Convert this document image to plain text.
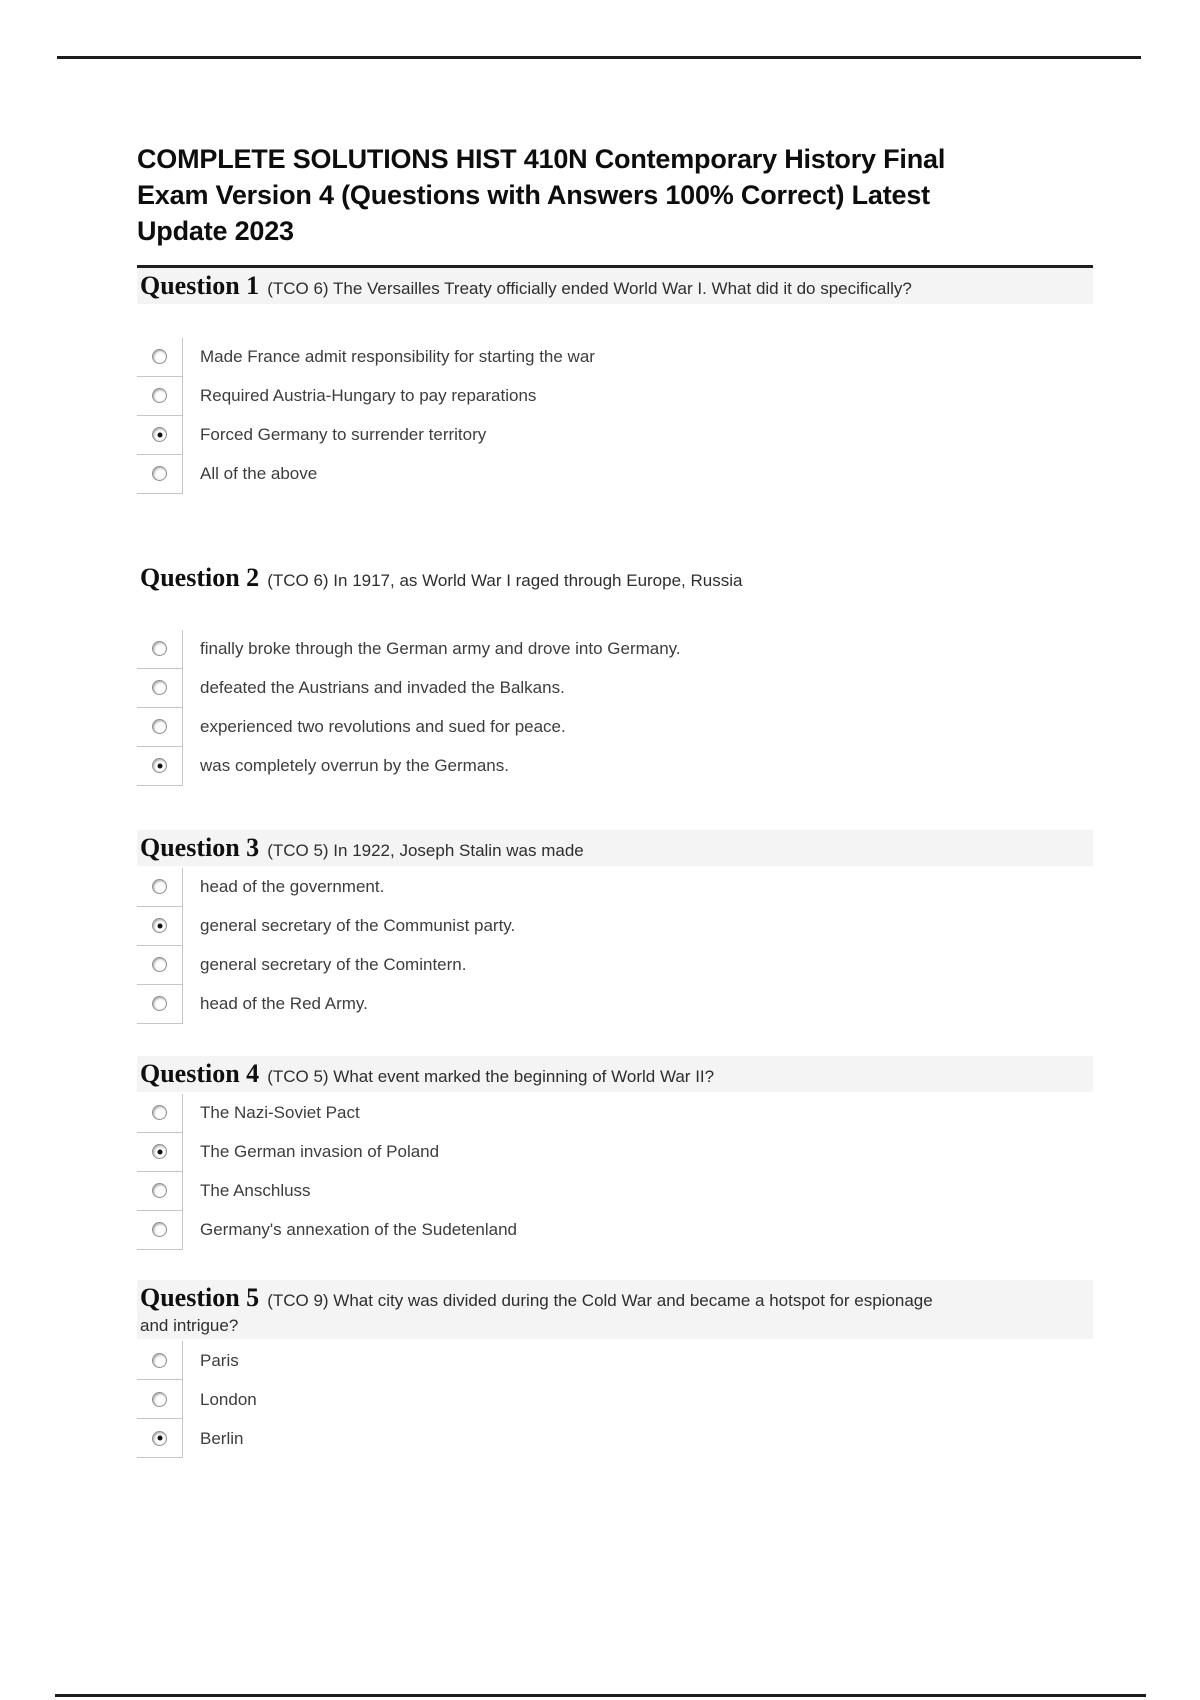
COMPLETE SOLUTIONS HIST 410N Contemporary History Final Exam Version 4 (Questions with Answers 100% Correct) Latest Update 2023
Question 1 (TCO 6) The Versailles Treaty officially ended World War I. What did it do specifically?
Made France admit responsibility for starting the war
Required Austria-Hungary to pay reparations
Forced Germany to surrender territory
All of the above
Question 2 (TCO 6) In 1917, as World War I raged through Europe, Russia
finally broke through the German army and drove into Germany.
defeated the Austrians and invaded the Balkans.
experienced two revolutions and sued for peace.
was completely overrun by the Germans.
Question 3 (TCO 5) In 1922, Joseph Stalin was made
head of the government.
general secretary of the Communist party.
general secretary of the Comintern.
head of the Red Army.
Question 4 (TCO 5) What event marked the beginning of World War II?
The Nazi-Soviet Pact
The German invasion of Poland
The Anschluss
Germany's annexation of the Sudetenland
Question 5 (TCO 9) What city was divided during the Cold War and became a hotspot for espionage
and intrigue?
Paris
London
Berlin
